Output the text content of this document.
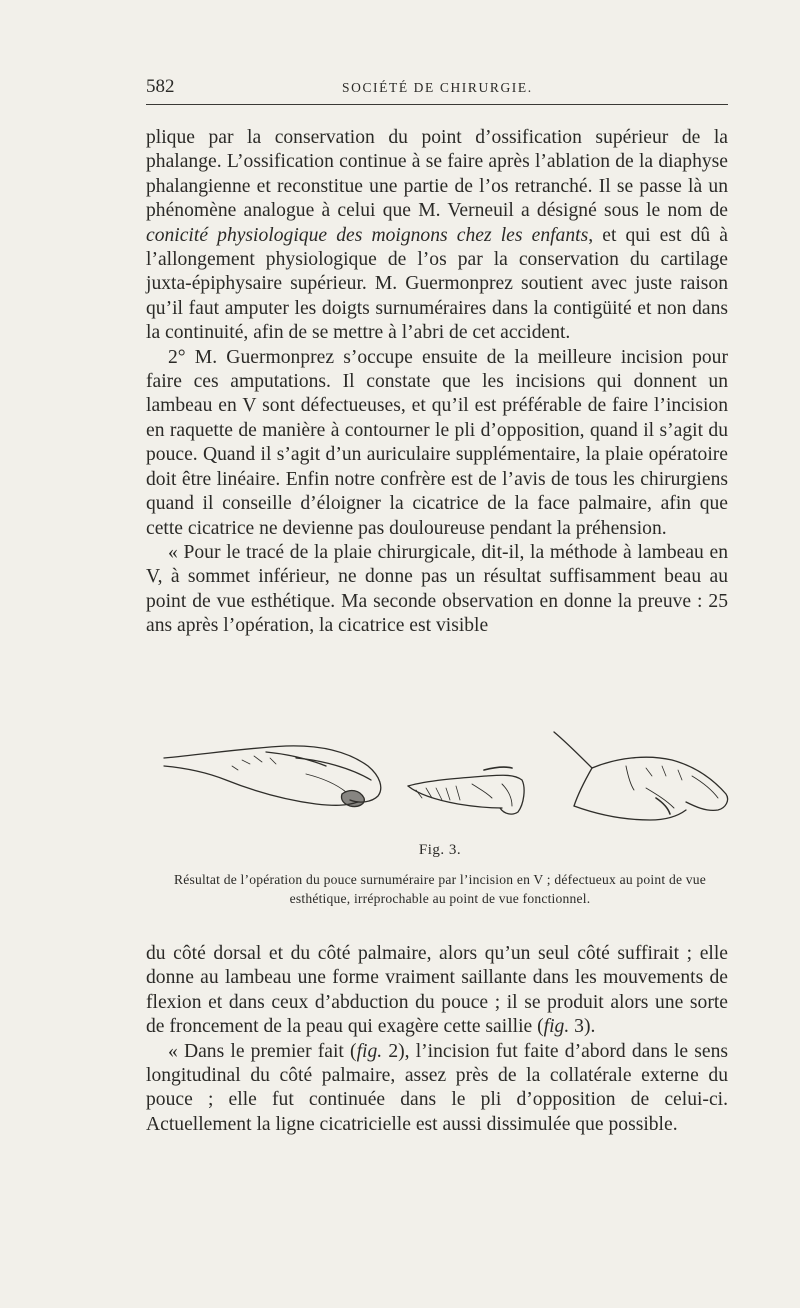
582	SOCIÉTÉ DE CHIRURGIE.

plique par la conservation du point d’ossification supérieur de la phalange. L’ossification continue à se faire après l’ablation de la diaphyse phalangienne et reconstitue une partie de l’os retranché. Il se passe là un phénomène analogue à celui que M. Verneuil a désigné sous le nom de conicité physiologique des moignons chez les enfants, et qui est dû à l’allongement physiologique de l’os par la conservation du cartilage juxta-épiphysaire supérieur. M. Guermonprez soutient avec juste raison qu’il faut amputer les doigts surnuméraires dans la contigüité et non dans la continuité, afin de se mettre à l’abri de cet accident.

2° M. Guermonprez s’occupe ensuite de la meilleure incision pour faire ces amputations. Il constate que les incisions qui donnent un lambeau en V sont défectueuses, et qu’il est préférable de faire l’incision en raquette de manière à contourner le pli d’opposition, quand il s’agit du pouce. Quand il s’agit d’un auriculaire supplémentaire, la plaie opératoire doit être linéaire. Enfin notre confrère est de l’avis de tous les chirurgiens quand il conseille d’éloigner la cicatrice de la face palmaire, afin que cette cicatrice ne devienne pas douloureuse pendant la préhension.

« Pour le tracé de la plaie chirurgicale, dit-il, la méthode à lambeau en V, à sommet inférieur, ne donne pas un résultat suffisamment beau au point de vue esthétique. Ma seconde observation en donne la preuve : 25 ans après l’opération, la cicatrice est visible

Fig. 3.
Résultat de l’opération du pouce surnuméraire par l’incision en V ; défectueux au point de vue esthétique, irréprochable au point de vue fonctionnel.

du côté dorsal et du côté palmaire, alors qu’un seul côté suffirait ; elle donne au lambeau une forme vraiment saillante dans les mouvements de flexion et dans ceux d’abduction du pouce ; il se produit alors une sorte de froncement de la peau qui exagère cette saillie (fig. 3).

« Dans le premier fait (fig. 2), l’incision fut faite d’abord dans le sens longitudinal du côté palmaire, assez près de la collatérale externe du pouce ; elle fut continuée dans le pli d’opposition de celui-ci. Actuellement la ligne cicatricielle est aussi dissimulée que possible.
